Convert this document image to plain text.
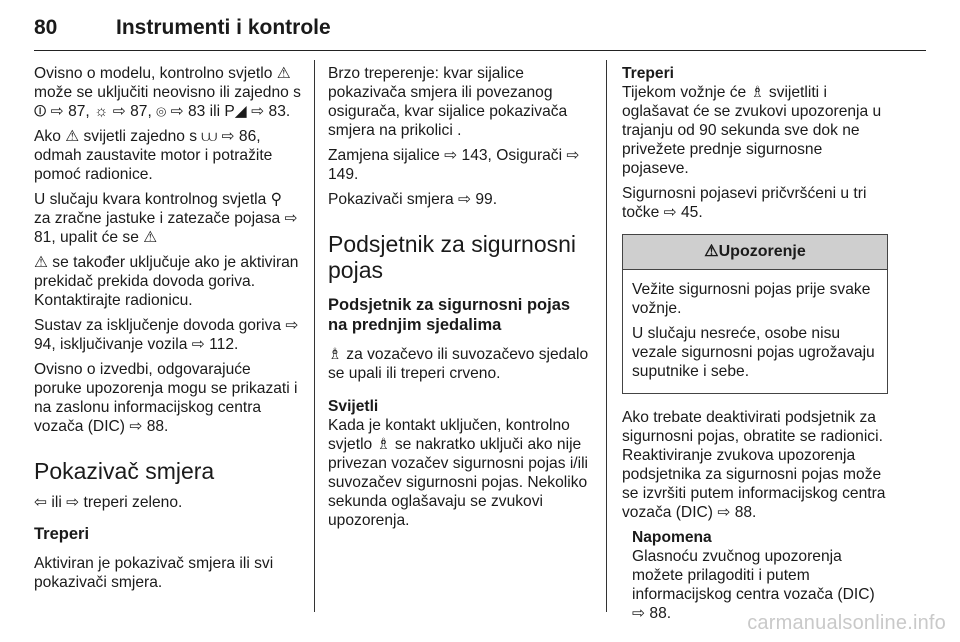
80	Instrumenti i kontrole

Ovisno o modelu, kontrolno svjetlo ⚠ može se uključiti neovisno ili zajedno s ⏼ ⇨ 87, ☼ ⇨ 87, ⦾ ⇨ 83 ili P◢ ⇨ 83.

Ako ⚠ svijetli zajedno s ⩊ ⇨ 86, odmah zaustavite motor i potražite pomoć radionice.

U slučaju kvara kontrolnog svjetla ⚲ za zračne jastuke i zatezače pojasa ⇨ 81, upalit će se ⚠

⚠ se također uključuje ako je aktiviran prekidač prekida dovoda goriva. Kontaktirajte radionicu.

Sustav za isključenje dovoda goriva ⇨ 94, isključivanje vozila ⇨ 112.

Ovisno o izvedbi, odgovarajuće poruke upozorenja mogu se prikazati i na zaslonu informacijskog centra vozača (DIC) ⇨ 88.

Pokazivač smjera

⇦ ili ⇨ treperi zeleno.

Treperi

Aktiviran je pokazivač smjera ili svi pokazivači smjera.

Brzo treperenje: kvar sijalice pokazivača smjera ili povezanog osigurača, kvar sijalice pokazivača smjera na prikolici .

Zamjena sijalice ⇨ 143, Osigurači ⇨ 149.

Pokazivači smjera ⇨ 99.

Podsjetnik za sigurnosni pojas
Podsjetnik za sigurnosni pojas na prednjim sjedalima

♗ za vozačevo ili suvozačevo sjedalo se upali ili treperi crveno.

Svijetli
Kada je kontakt uključen, kontrolno svjetlo ♗ se nakratko uključi ako nije privezan vozačev sigurnosni pojas i/ili suvozačev sigurnosni pojas. Nekoliko sekunda oglašavaju se zvukovi upozorenja.

Treperi
Tijekom vožnje će ♗ svijetliti i oglašavat će se zvukovi upozorenja u trajanju od 90 sekunda sve dok ne privežete prednje sigurnosne pojaseve.

Sigurnosni pojasevi pričvršćeni u tri točke ⇨ 45.

⚠Upozorenje

Vežite sigurnosni pojas prije svake vožnje.

U slučaju nesreće, osobe nisu vezale sigurnosni pojas ugrožavaju suputnike i sebe.

Ako trebate deaktivirati podsjetnik za sigurnosni pojas, obratite se radionici. Reaktiviranje zvukova upozorenja podsjetnika za sigurnosni pojas može se izvršiti putem informacijskog centra vozača (DIC) ⇨ 88.

Napomena
Glasnoću zvučnog upozorenja možete prilagoditi i putem informacijskog centra vozača (DIC) ⇨ 88.	carmanualsonline.info
